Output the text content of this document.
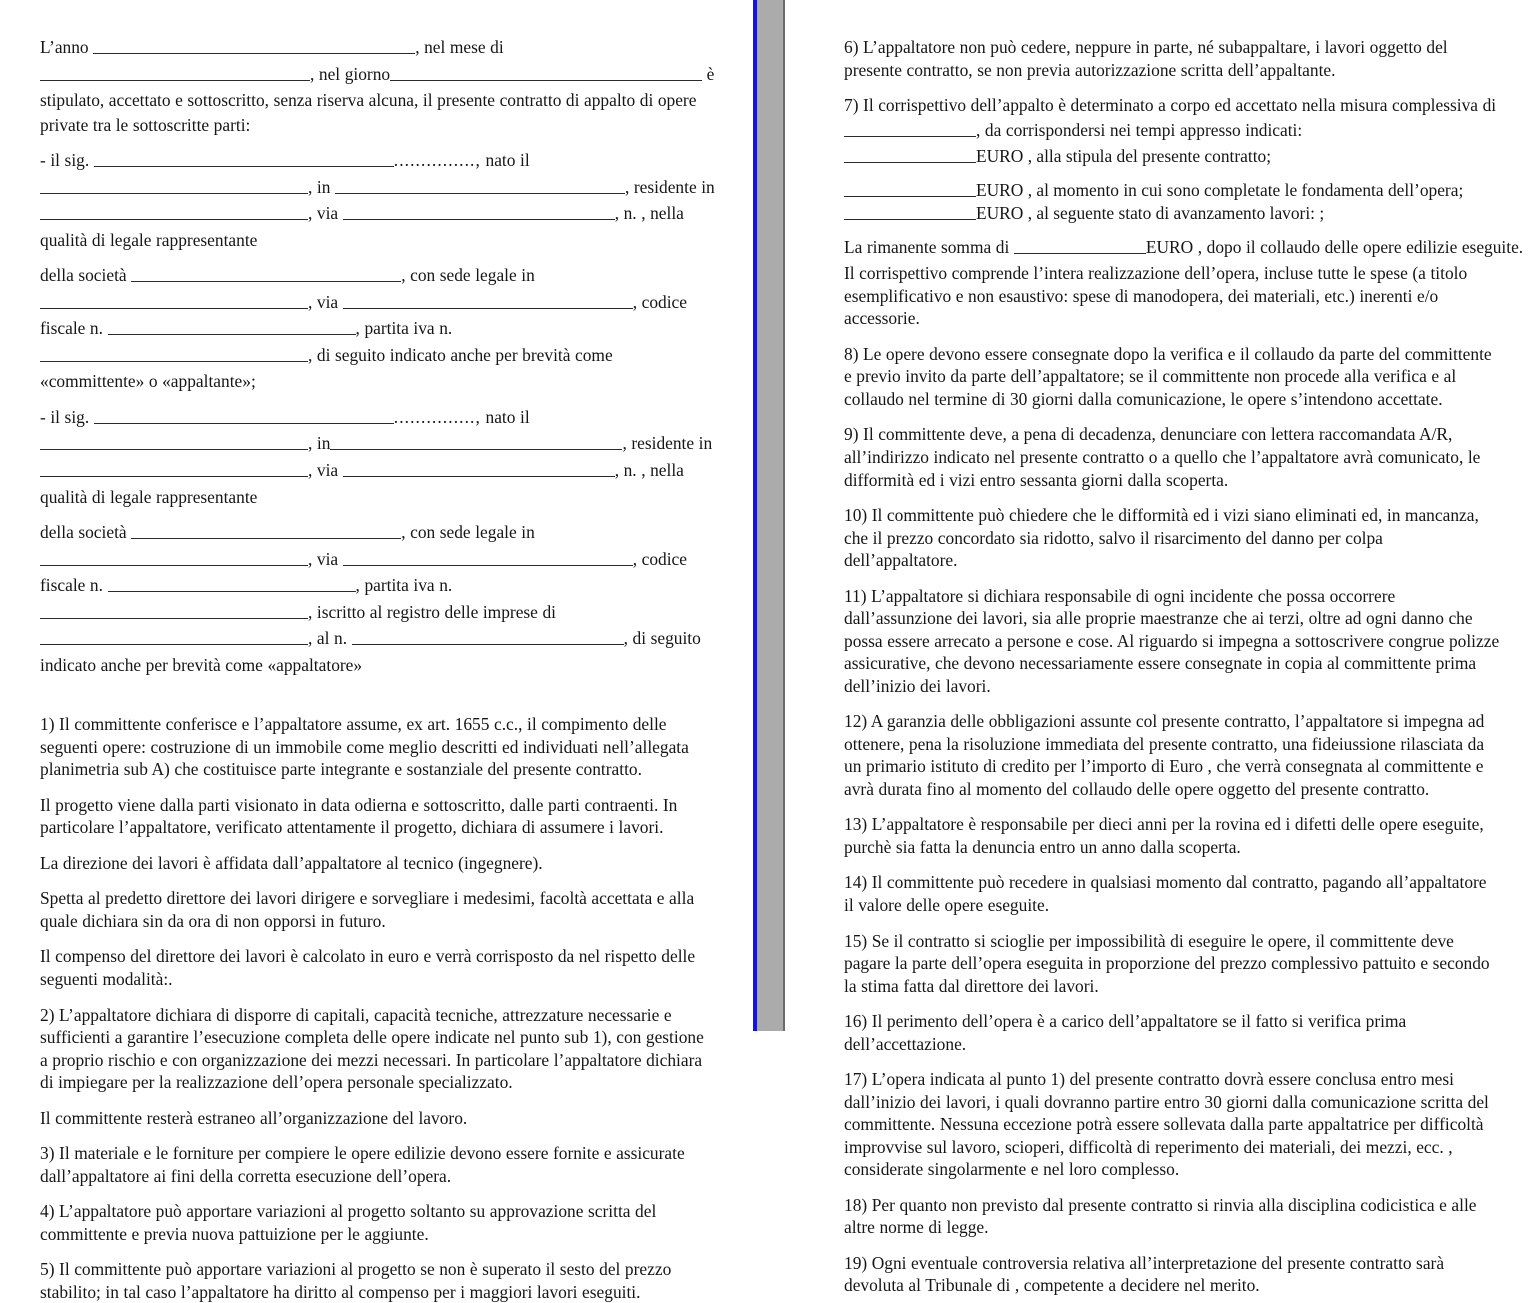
L’anno	, nel mese di
, nel giorno	è
stipulato, accettato e sottoscritto, senza riserva alcuna, il presente contratto di appalto di opere
private tra le sottoscritte parti:
- il sig.	..............., nato il
, in	, residente in
, via	, n. , nella
qualità di legale rappresentante
della società	, con sede legale in
, via	, codice
fiscale n.	, partita iva n.
, di seguito indicato anche per brevità come
«committente» o «appaltante»;
- il sig.	..............., nato il
, in	, residente in
, via	, n. , nella
qualità di legale rappresentante
della società	, con sede legale in
, via	, codice
fiscale n.	, partita iva n.
, iscritto al registro delle imprese di
, al n.	, di seguito
indicato anche per brevità come «appaltatore»
1) Il committente conferisce e l’appaltatore assume, ex art. 1655 c.c., il compimento delle seguenti opere: costruzione di un immobile come meglio descritti ed individuati nell’allegata planimetria sub A) che costituisce parte integrante e sostanziale del presente contratto.
Il progetto viene dalla parti visionato in data odierna e sottoscritto, dalle parti contraenti. In particolare l’appaltatore, verificato attentamente il progetto, dichiara di assumere i lavori.
La direzione dei lavori è affidata dall’appaltatore al tecnico (ingegnere).
Spetta al predetto direttore dei lavori dirigere e sorvegliare i medesimi, facoltà accettata e alla quale dichiara sin da ora di non opporsi in futuro.
Il compenso del direttore dei lavori è calcolato in euro e verrà corrisposto da nel rispetto delle seguenti modalità:.
2) L’appaltatore dichiara di disporre di capitali, capacità tecniche, attrezzature necessarie e sufficienti a garantire l’esecuzione completa delle opere indicate nel punto sub 1), con gestione a proprio rischio e con organizzazione dei mezzi necessari. In particolare l’appaltatore dichiara di impiegare per la realizzazione dell’opera personale specializzato.
Il committente resterà estraneo all’organizzazione del lavoro.
3) Il materiale e le forniture per compiere le opere edilizie devono essere fornite e assicurate dall’appaltatore ai fini della corretta esecuzione dell’opera.
4) L’appaltatore può apportare variazioni al progetto soltanto su approvazione scritta del committente e previa nuova pattuizione per le aggiunte.
5) Il committente può apportare variazioni al progetto se non è superato il sesto del prezzo stabilito; in tal caso l’appaltatore ha diritto al compenso per i maggiori lavori eseguiti.
6) L’appaltatore non può cedere, neppure in parte, né subappaltare, i lavori oggetto del presente contratto, se non previa autorizzazione scritta dell’appaltante.
7) Il corrispettivo dell’appalto è determinato a corpo ed accettato nella misura complessiva di
, da corrispondersi nei tempi appresso indicati:
EURO , alla stipula del presente contratto;
EURO , al momento in cui sono completate le fondamenta dell’opera;
EURO , al seguente stato di avanzamento lavori: ;
La rimanente somma di	EURO , dopo il collaudo delle opere edilizie eseguite.
Il corrispettivo comprende l’intera realizzazione dell’opera, incluse tutte le spese (a titolo esemplificativo e non esaustivo: spese di manodopera, dei materiali, etc.) inerenti e/o accessorie.
8) Le opere devono essere consegnate dopo la verifica e il collaudo da parte del committente e previo invito da parte dell’appaltatore; se il committente non procede alla verifica e al collaudo nel termine di 30 giorni dalla comunicazione, le opere s’intendono accettate.
9) Il committente deve, a pena di decadenza, denunciare con lettera raccomandata A/R, all’indirizzo indicato nel presente contratto o a quello che l’appaltatore avrà comunicato, le difformità ed i vizi entro sessanta giorni dalla scoperta.
10) Il committente può chiedere che le difformità ed i vizi siano eliminati ed, in mancanza, che il prezzo concordato sia ridotto, salvo il risarcimento del danno per colpa dell’appaltatore.
11) L’appaltatore si dichiara responsabile di ogni incidente che possa occorrere dall’assunzione dei lavori, sia alle proprie maestranze che ai terzi, oltre ad ogni danno che possa essere arrecato a persone e cose. Al riguardo si impegna a sottoscrivere congrue polizze assicurative, che devono necessariamente essere consegnate in copia al committente prima dell’inizio dei lavori.
12) A garanzia delle obbligazioni assunte col presente contratto, l’appaltatore si impegna ad ottenere, pena la risoluzione immediata del presente contratto, una fideiussione rilasciata da un primario istituto di credito per l’importo di Euro , che verrà consegnata al committente e avrà durata fino al momento del collaudo delle opere oggetto del presente contratto.
13) L’appaltatore è responsabile per dieci anni per la rovina ed i difetti delle opere eseguite, purchè sia fatta la denuncia entro un anno dalla scoperta.
14) Il committente può recedere in qualsiasi momento dal contratto, pagando all’appaltatore il valore delle opere eseguite.
15) Se il contratto si scioglie per impossibilità di eseguire le opere, il committente deve pagare la parte dell’opera eseguita in proporzione del prezzo complessivo pattuito e secondo la stima fatta dal direttore dei lavori.
16) Il perimento dell’opera è a carico dell’appaltatore se il fatto si verifica prima dell’accettazione.
17) L’opera indicata al punto 1) del presente contratto dovrà essere conclusa entro mesi dall’inizio dei lavori, i quali dovranno partire entro 30 giorni dalla comunicazione scritta del committente. Nessuna eccezione potrà essere sollevata dalla parte appaltatrice per difficoltà improvvise sul lavoro, scioperi, difficoltà di reperimento dei materiali, dei mezzi, ecc. , considerate singolarmente e nel loro complesso.
18) Per quanto non previsto dal presente contratto si rinvia alla disciplina codicistica e alle altre norme di legge.
19) Ogni eventuale controversia relativa all’interpretazione del presente contratto sarà devoluta al Tribunale di , competente a decidere nel merito.
